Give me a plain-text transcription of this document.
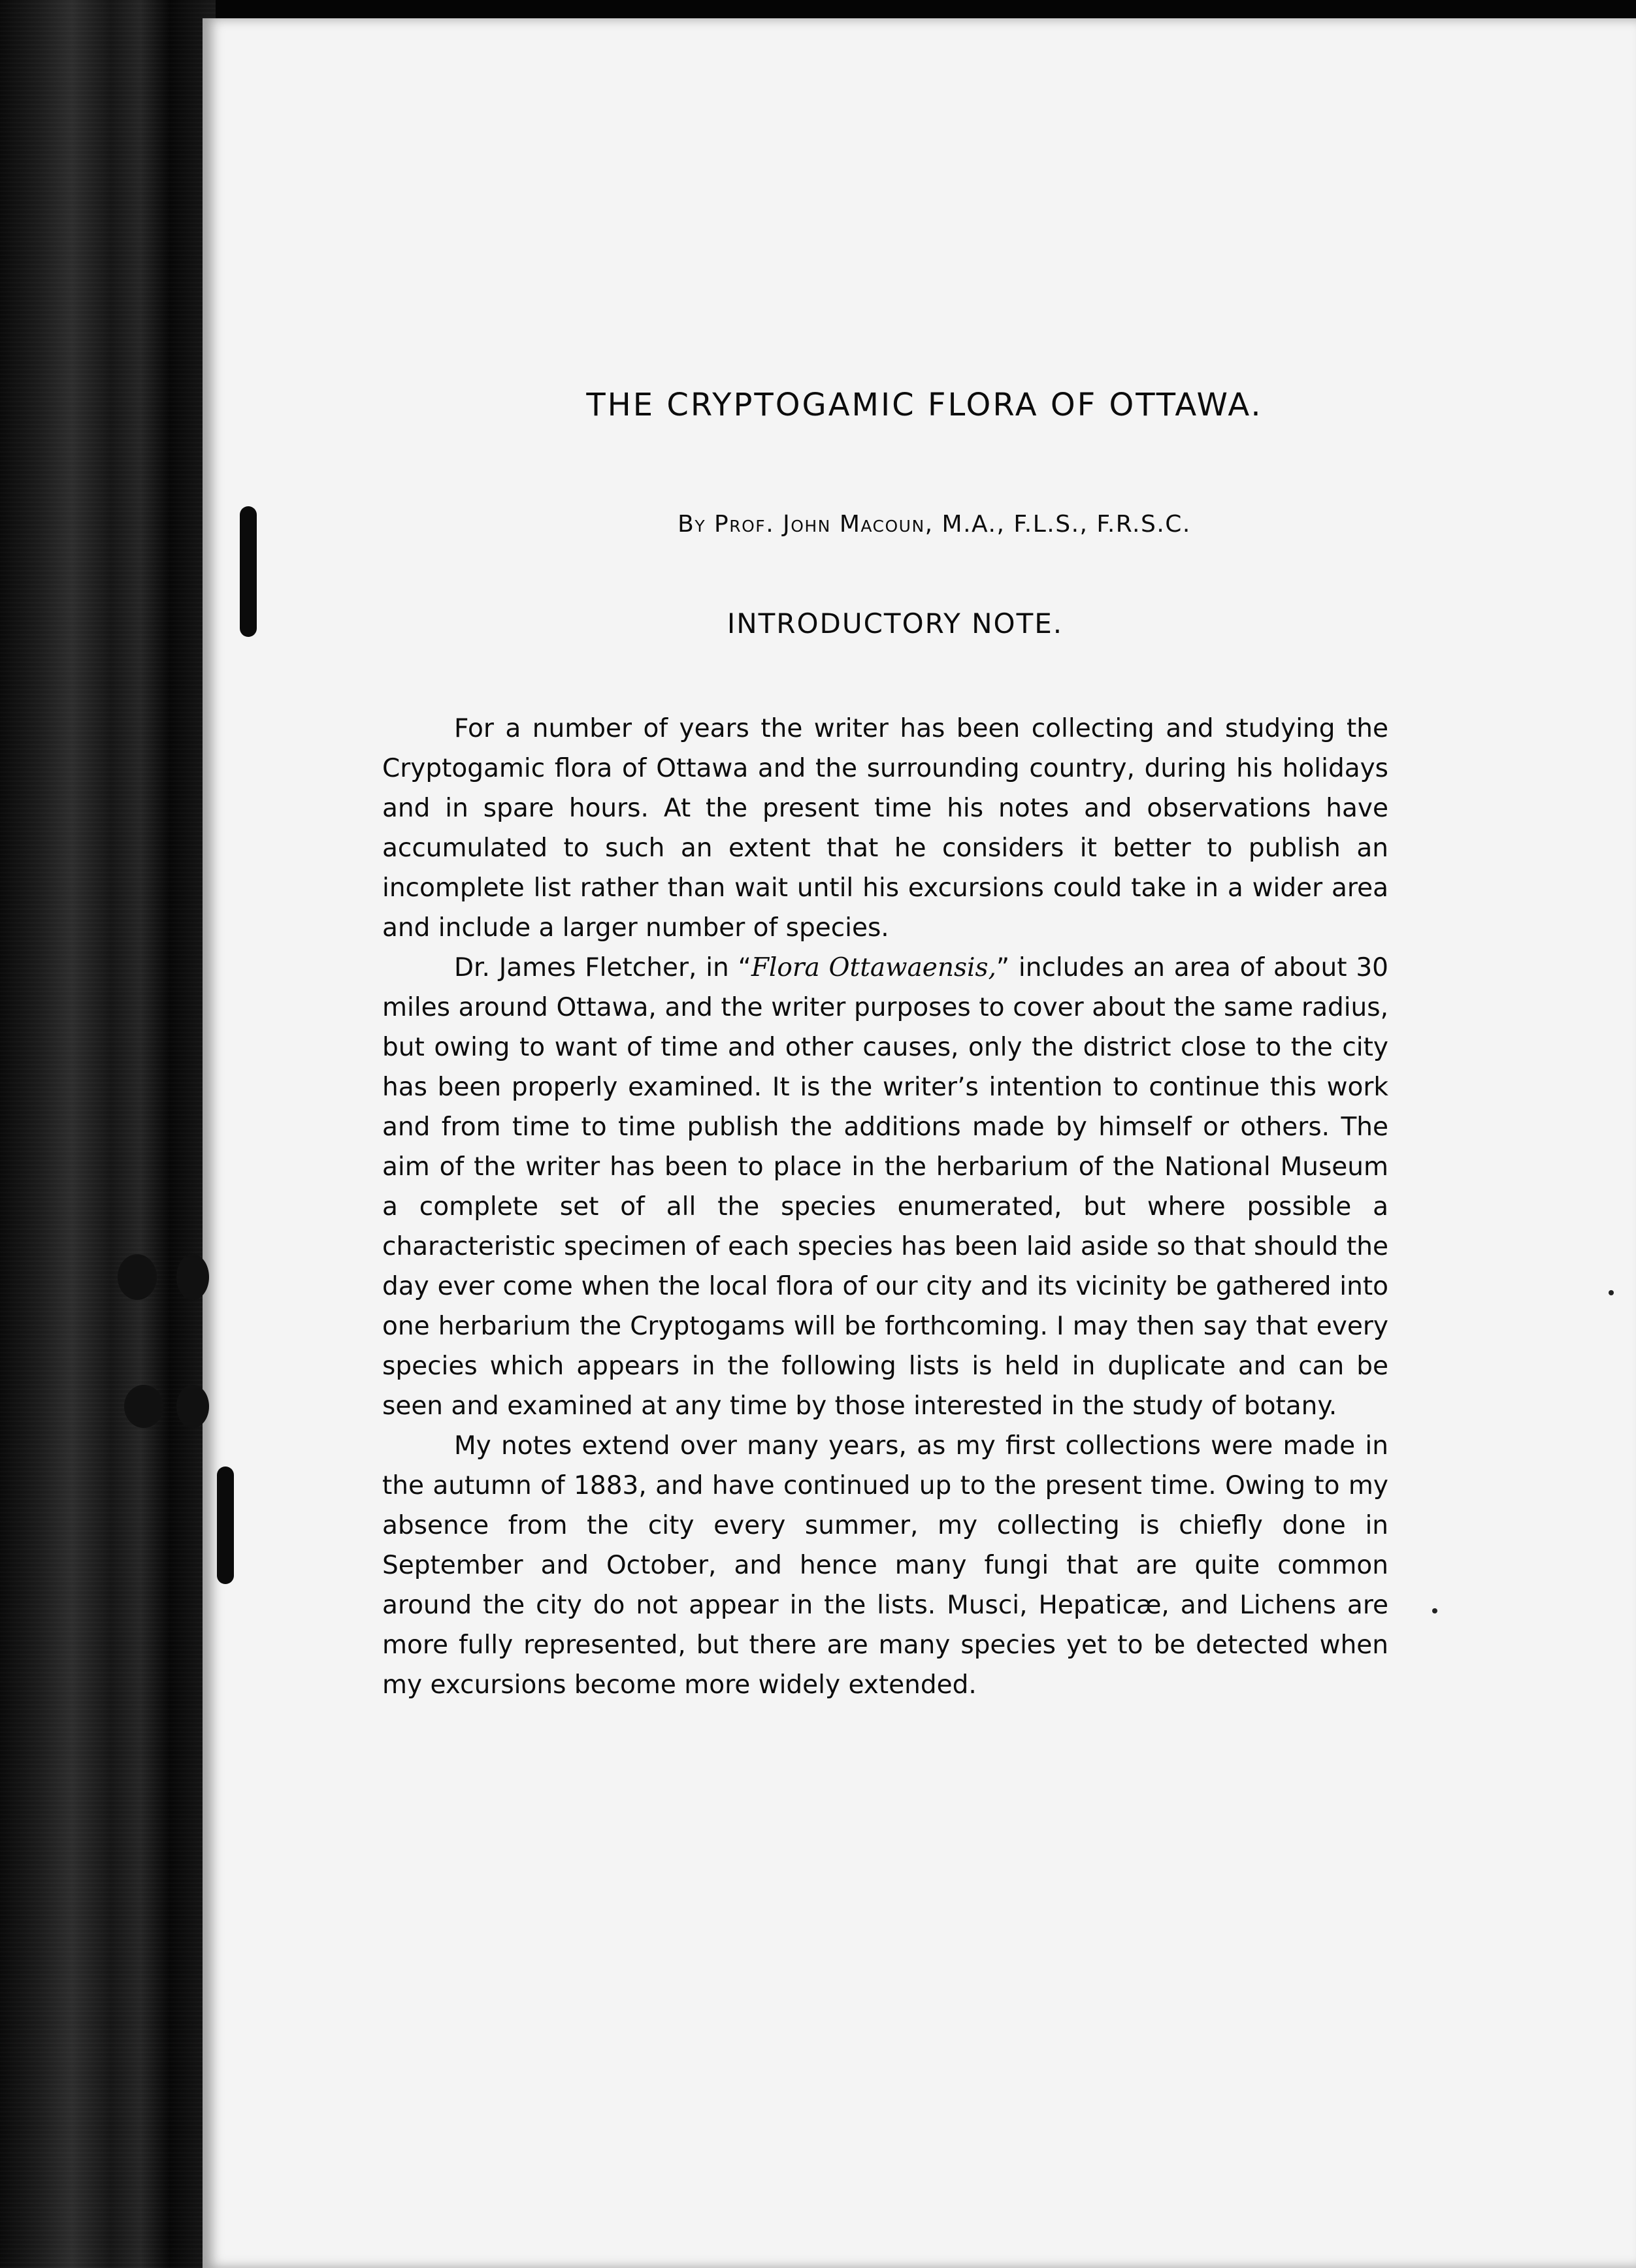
THE CRYPTOGAMIC FLORA OF OTTAWA.
By Prof. John Macoun, M.A., F.L.S., F.R.S.C.
INTRODUCTORY NOTE.

For a number of years the writer has been collecting and studying the Cryptogamic flora of Ottawa and the surrounding country, during his holidays and in spare hours. At the present time his notes and observations have accumulated to such an extent that he considers it better to publish an incomplete list rather than wait until his excursions could take in a wider area and include a larger number of species.

Dr. James Fletcher, in “Flora Ottawaensis,” includes an area of about 30 miles around Ottawa, and the writer purposes to cover about the same radius, but owing to want of time and other causes, only the district close to the city has been properly examined. It is the writer’s intention to continue this work and from time to time publish the additions made by himself or others. The aim of the writer has been to place in the herbarium of the National Museum a complete set of all the species enumerated, but where possible a characteristic specimen of each species has been laid aside so that should the day ever come when the local flora of our city and its vicinity be gathered into one herbarium the Cryptogams will be forthcoming. I may then say that every species which appears in the following lists is held in duplicate and can be seen and examined at any time by those interested in the study of botany.

My notes extend over many years, as my first collections were made in the autumn of 1883, and have continued up to the present time. Owing to my absence from the city every summer, my collecting is chiefly done in September and October, and hence many fungi that are quite common around the city do not appear in the lists. Musci, Hepaticæ, and Lichens are more fully represented, but there are many species yet to be detected when my excursions become more widely extended.
